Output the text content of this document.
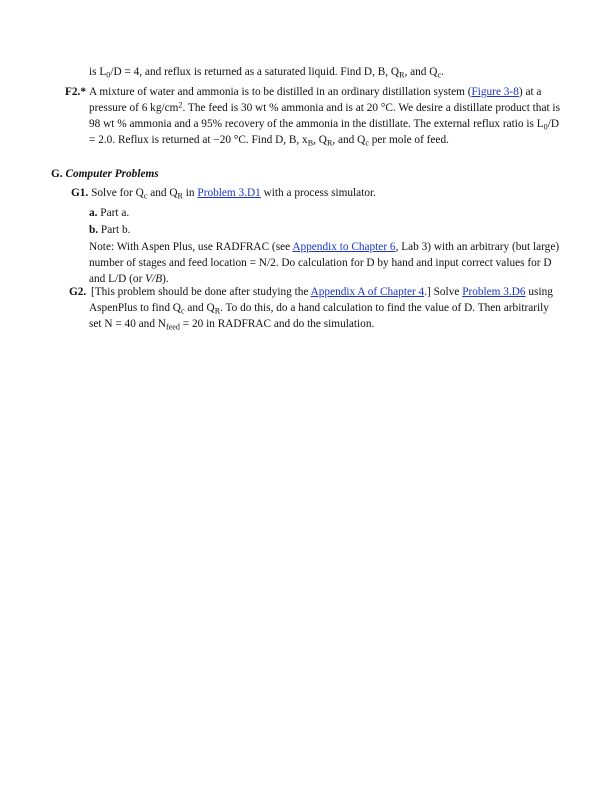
is $L_0/D = 4$, and reflux is returned as a saturated liquid. Find D, B, $Q_R$, and $Q_c$.

F2.* A mixture of water and ammonia is to be distilled in an ordinary distillation system (Figure 3-8) at a pressure of 6 $kg/cm^2$. The feed is 30 wt % ammonia and is at 20 °C. We desire a distillate product that is 98 wt % ammonia and a 95% recovery of the ammonia in the distillate. The external reflux ratio is $L_0/D = 2.0$. Reflux is returned at −20 °C. Find D, B, $x_B$, $Q_R$, and $Q_c$ per mole of feed.

G. Computer Problems

G1. Solve for $Q_c$ and $Q_R$ in Problem 3.D1 with a process simulator.

a. Part a.

b. Part b.

Note: With Aspen Plus, use RADFRAC (see Appendix to Chapter 6, Lab 3) with an arbitrary (but large) number of stages and feed location = N/2. Do calculation for D by hand and input correct values for D and L/D (or V/B).

G2. [This problem should be done after studying the Appendix A of Chapter 4.] Solve Problem 3.D6 using AspenPlus to find $Q_c$ and $Q_R$. To do this, do a hand calculation to find the value of D. Then arbitrarily set N = 40 and $N_{feed} = 20$ in RADFRAC and do the simulation.
